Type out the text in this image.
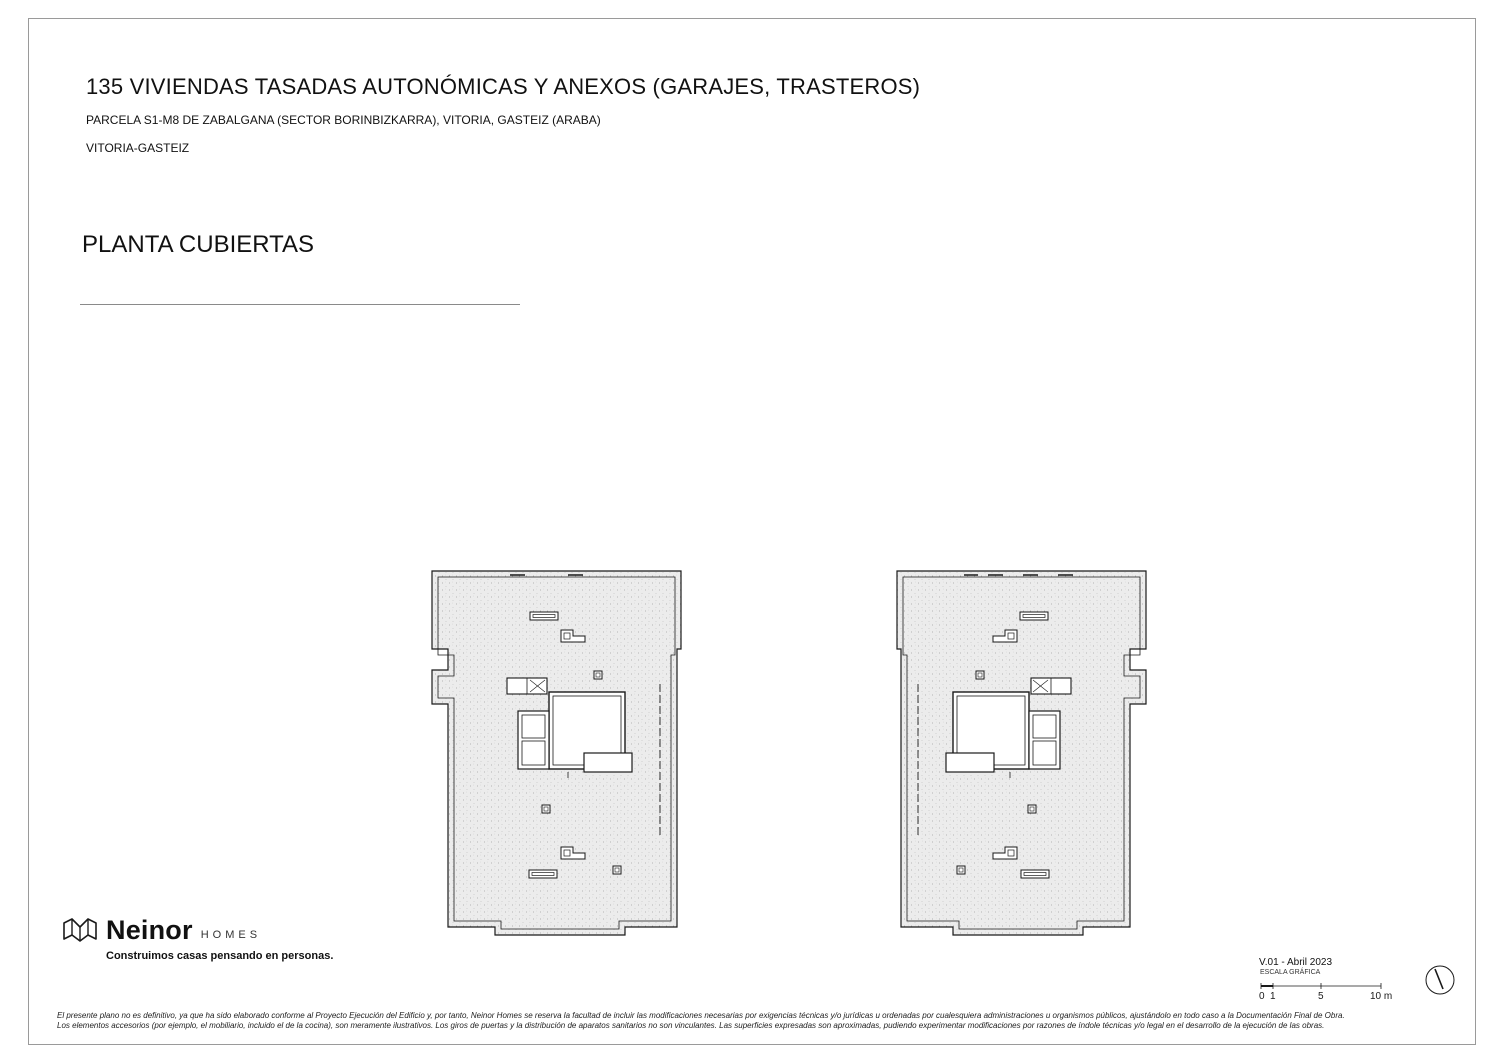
135 VIVIENDAS TASADAS AUTONÓMICAS Y ANEXOS (GARAJES, TRASTEROS)
PARCELA S1-M8 DE ZABALGANA (SECTOR BORINBIZKARRA), VITORIA, GASTEIZ (ARABA)
VITORIA-GASTEIZ
PLANTA CUBIERTAS
Neinor HOMES
Construimos casas pensando en personas.
V.01 - Abril 2023
ESCALA GRÁFICA
0 1	5	10 m

El presente plano no es definitivo, ya que ha sido elaborado conforme al Proyecto Ejecución del Edificio y, por tanto, Neinor Homes se reserva la facultad de incluir las modificaciones necesarias por exigencias técnicas y/o jurídicas u ordenadas por cualesquiera administraciones u organismos públicos, ajustándolo en todo caso a la Documentación Final de Obra.

Los elementos accesorios (por ejemplo, el mobiliario, incluido el de la cocina), son meramente ilustrativos. Los giros de puertas y la distribución de aparatos sanitarios no son vinculantes. Las superficies expresadas son aproximadas, pudiendo experimentar modificaciones por razones de índole técnicas y/o legal en el desarrollo de la ejecución de las obras.
